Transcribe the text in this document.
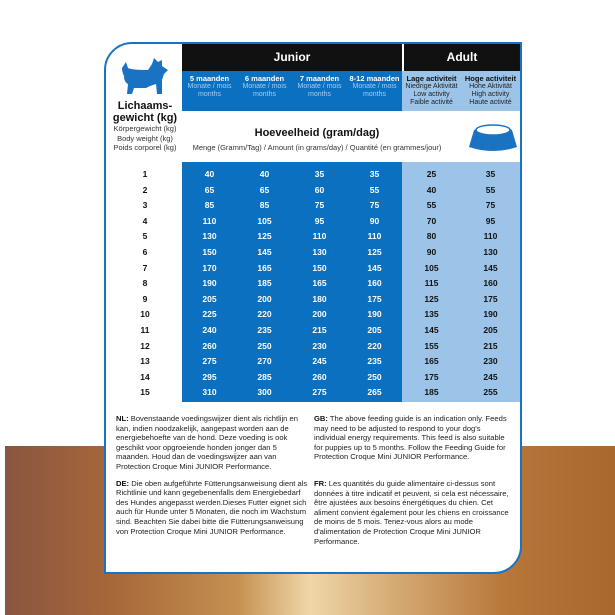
Lichaams-
gewicht (kg)
Körpergewicht (kg)
Body weight (kg)
Poids corporel (kg)
Junior	Adult
5 maanden
Monate / mois
months
6 maanden
Monate / mois
months
7 maanden
Monate / mois
months
8-12 maanden
Monate / mois
months
Lage activiteit
Niedrige Aktivität
Low activity
Faible activité
Hoge activiteit
Hohe Aktivität
High activity
Haute activité
Hoeveelheid (gram/dag)
Menge (Gramm/Tag) / Amount (in grams/day) / Quantité (en grammes/jour)
1	40	40	35	35	25	35
2	65	65	60	55	40	55
3	85	85	75	75	55	75
4	110	105	95	90	70	95
5	130	125	110	110	80	110
6	150	145	130	125	90	130
7	170	165	150	145	105	145
8	190	185	165	160	115	160
9	205	200	180	175	125	175
10	225	220	200	190	135	190
11	240	235	215	205	145	205
12	260	250	230	220	155	215
13	275	270	245	235	165	230
14	295	285	260	250	175	245
15	310	300	275	265	185	255
NL: Bovenstaande voedingswijzer dient als richtlijn en kan, indien noodzakelijk, aangepast worden aan de energiebehoefte van de hond. Deze voeding is ook geschikt voor opgroeiende honden jonger dan 5 maanden. Houd dan de voedingswijzer aan van Protection Croque Mini JUNIOR Performance.
DE: Die oben aufgeführte Fütterungsanweisung dient als Richtlinie und kann gegebenenfalls dem Energiebedarf des Hundes angepasst werden.Dieses Futter eignet sich auch für Hunde unter 5 Monaten, die noch im Wachstum sind. Beachten Sie dabei bitte die Fütterungsanweisung von Protection Croque Mini JUNIOR Performance.
GB: The above feeding guide is an indication only. Feeds may need to be adjusted to respond to your dog's individual energy requirements. This feed is also suitable for puppies up to 5 months. Follow the Feeding Guide for Protection Croque Mini JUNIOR Performance.
FR: Les quantités du guide alimentaire ci-dessus sont données à titre indicatif et peuvent, si cela est nécessaire, être ajustées aux besoins énergétiques du chien. Cet aliment convient également pour les chiens en croissance de moins de 5 mois. Tenez-vous alors au mode d'alimentation de Protection Croque Mini JUNIOR Performance.
